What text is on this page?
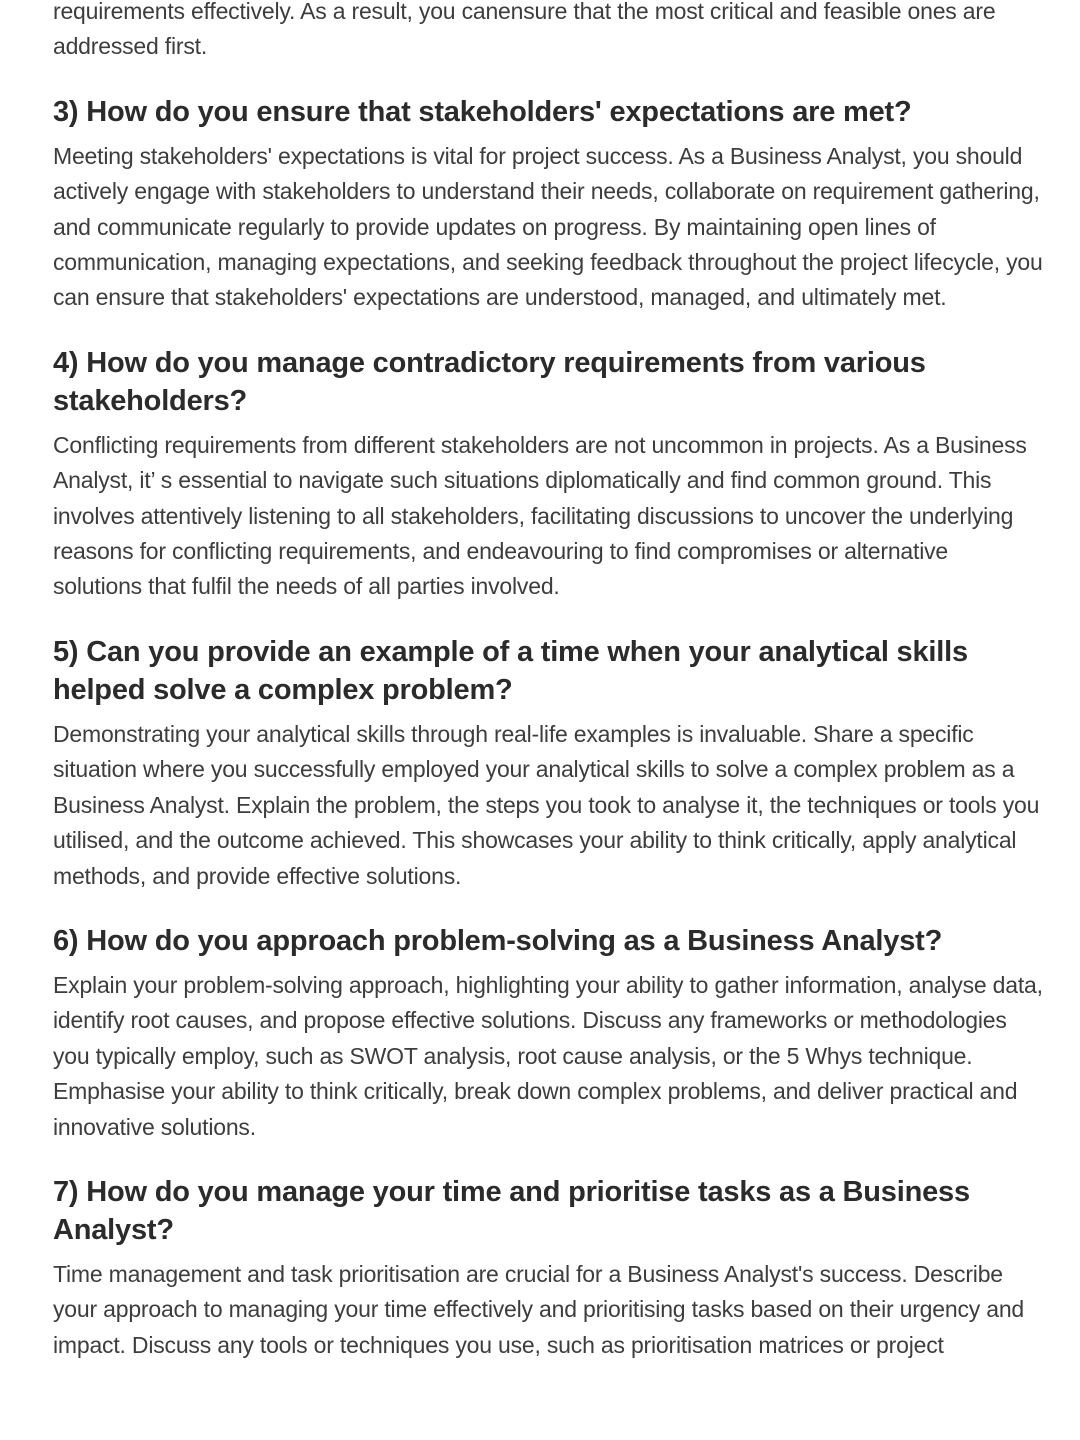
requirements effectively. As a result, you canensure that the most critical and feasible ones are addressed first.

3) How do you ensure that stakeholders' expectations are met?

Meeting stakeholders' expectations is vital for project success. As a Business Analyst, you should actively engage with stakeholders to understand their needs, collaborate on requirement gathering, and communicate regularly to provide updates on progress. By maintaining open lines of communication, managing expectations, and seeking feedback throughout the project lifecycle, you can ensure that stakeholders' expectations are understood, managed, and ultimately met.

4) How do you manage contradictory requirements from various stakeholders?

Conflicting requirements from different stakeholders are not uncommon in projects. As a Business Analyst, it’ s essential to navigate such situations diplomatically and find common ground. This involves attentively listening to all stakeholders, facilitating discussions to uncover the underlying reasons for conflicting requirements, and endeavouring to find compromises or alternative solutions that fulfil the needs of all parties involved.

5) Can you provide an example of a time when your analytical skills helped solve a complex problem?

Demonstrating your analytical skills through real-life examples is invaluable. Share a specific situation where you successfully employed your analytical skills to solve a complex problem as a Business Analyst. Explain the problem, the steps you took to analyse it, the techniques or tools you utilised, and the outcome achieved. This showcases your ability to think critically, apply analytical methods, and provide effective solutions.

6) How do you approach problem-solving as a Business Analyst?

Explain your problem-solving approach, highlighting your ability to gather information, analyse data, identify root causes, and propose effective solutions. Discuss any frameworks or methodologies you typically employ, such as SWOT analysis, root cause analysis, or the 5 Whys technique. Emphasise your ability to think critically, break down complex problems, and deliver practical and innovative solutions.

7) How do you manage your time and prioritise tasks as a Business Analyst?

Time management and task prioritisation are crucial for a Business Analyst's success. Describe your approach to managing your time effectively and prioritising tasks based on their urgency and impact. Discuss any tools or techniques you use, such as prioritisation matrices or project
